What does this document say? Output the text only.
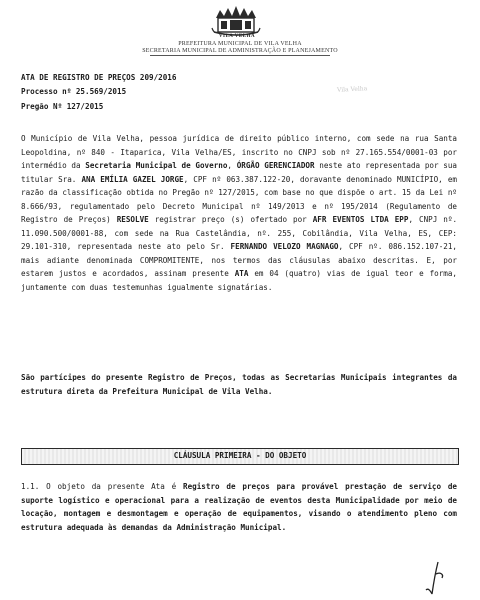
VILA VELHA
PREFEITURA MUNICIPAL DE VILA VELHA
SECRETARIA MUNICIPAL DE ADMINISTRAÇÃO E PLANEJAMENTO
ATA DE REGISTRO DE PREÇOS 209/2016
Processo nº 25.569/2015
Pregão Nº 127/2015
Vila Velha
O Município de Vila Velha, pessoa jurídica de direito público interno, com sede na rua Santa Leopoldina, nº 840 - Itaparica, Vila Velha/ES, inscrito no CNPJ sob nº 27.165.554/0001-03 por intermédio da Secretaria Municipal de Governo, ÓRGÃO GERENCIADOR neste ato representada por sua titular Sra. ANA EMÍLIA GAZEL JORGE, CPF nº 063.387.122-20, doravante denominado MUNICÍPIO, em razão da classificação obtida no Pregão nº 127/2015, com base no que dispõe o art. 15 da Lei nº 8.666/93, regulamentado pelo Decreto Municipal nº 149/2013 e nº 195/2014 (Regulamento de Registro de Preços) RESOLVE registrar preço (s) ofertado por AFR EVENTOS LTDA EPP, CNPJ nº. 11.090.500/0001-88, com sede na Rua Castelândia, nº. 255, Cobilândia, Vila Velha, ES, CEP: 29.101-310, representada neste ato pelo Sr. FERNANDO VELOZO MAGNAGO, CPF nº. 086.152.107-21, mais adiante denominada COMPROMITENTE, nos termos das cláusulas abaixo descritas. E, por estarem justos e acordados, assinam presente ATA em 04 (quatro) vias de igual teor e forma, juntamente com duas testemunhas igualmente signatárias.
São partícipes do presente Registro de Preços, todas as Secretarias Municipais integrantes da estrutura direta da Prefeitura Municipal de Vila Velha.
CLÁUSULA PRIMEIRA - DO OBJETO
1.1. O objeto da presente Ata é Registro de preços para provável prestação de serviço de suporte logístico e operacional para a realização de eventos desta Municipalidade por meio de locação, montagem e desmontagem e operação de equipamentos, visando o atendimento pleno com estrutura adequada às demandas da Administração Municipal.
